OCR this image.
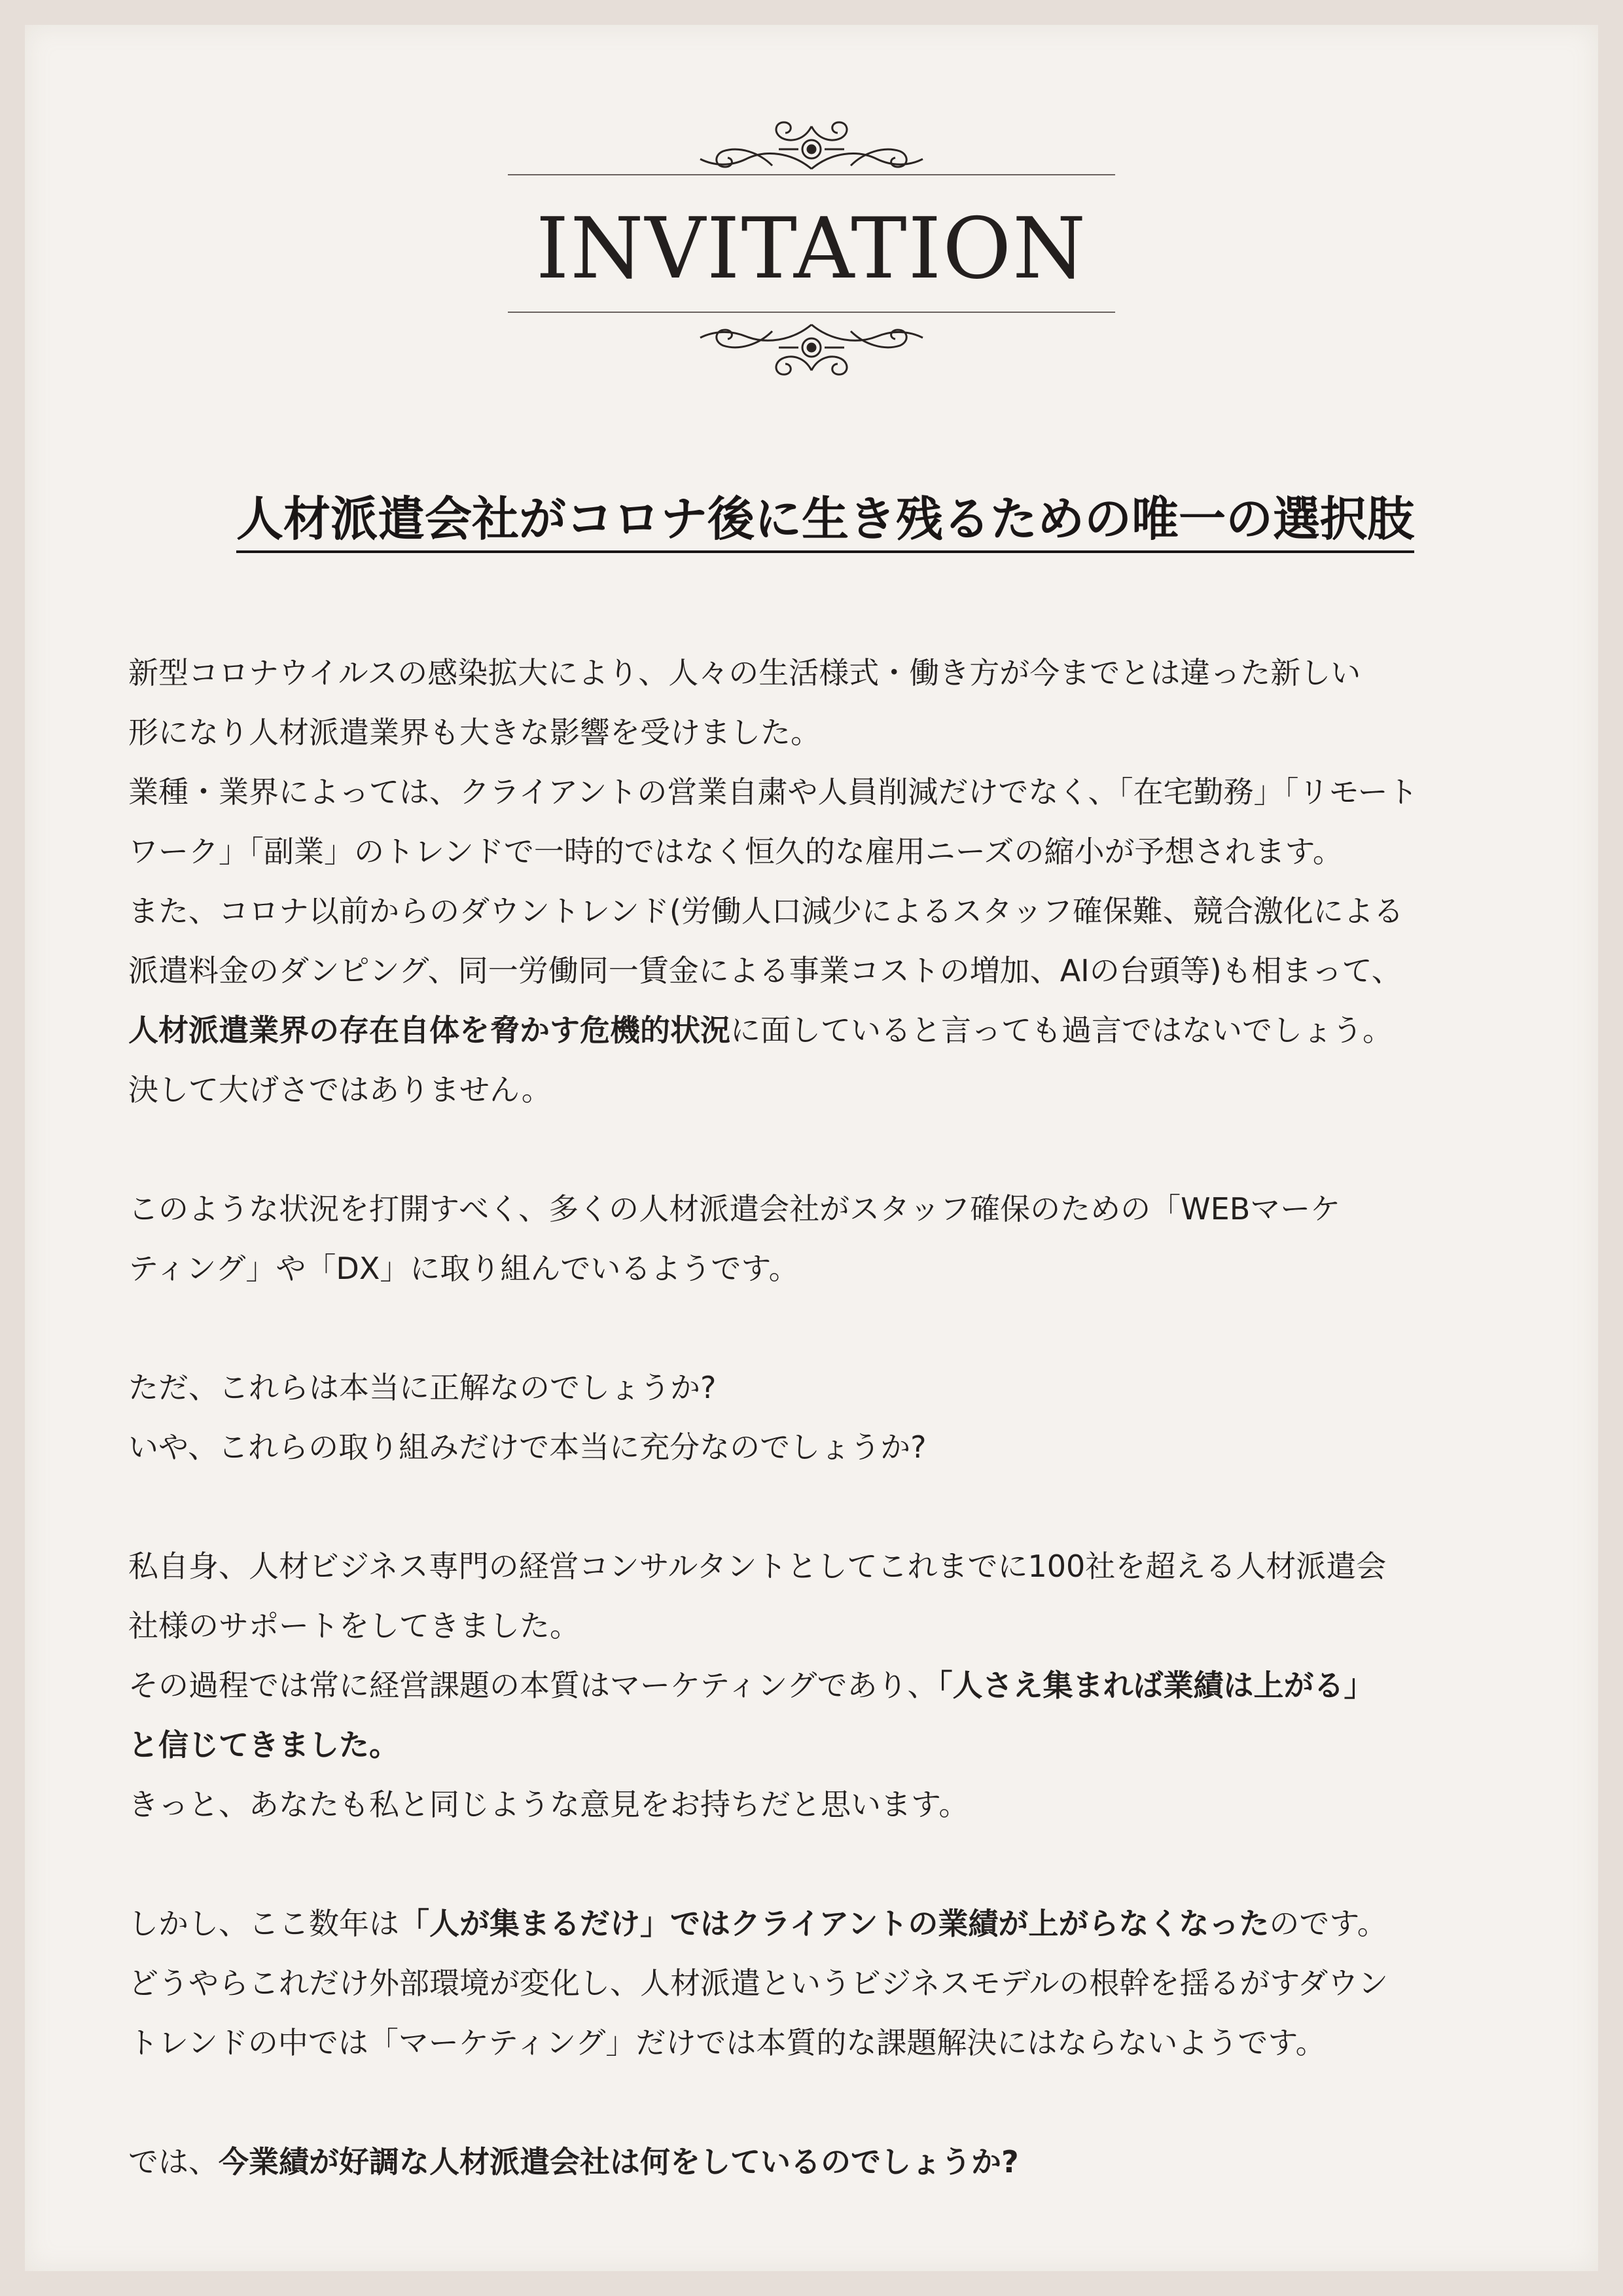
INVITATION
人材派遣会社がコロナ後に生き残るための唯一の選択肢

新型コロナウイルスの感染拡大により、人々の生活様式・働き方が今までとは違った新しい

形になり人材派遣業界も大きな影響を受けました。

業種・業界によっては、クライアントの営業自粛や人員削減だけでなく、「在宅勤務」「リモート

ワーク」「副業」のトレンドで一時的ではなく恒久的な雇用ニーズの縮小が予想されます。

また、コロナ以前からのダウントレンド(労働人口減少によるスタッフ確保難、競合激化による

派遣料金のダンピング、同一労働同一賃金による事業コストの増加、AIの台頭等)も相まって、

人材派遣業界の存在自体を脅かす危機的状況に面していると言っても過言ではないでしょう。

決して大げさではありません。

このような状況を打開すべく、多くの人材派遣会社がスタッフ確保のための「WEBマーケ

ティング」や「DX」に取り組んでいるようです。

ただ、これらは本当に正解なのでしょうか?

いや、これらの取り組みだけで本当に充分なのでしょうか?

私自身、人材ビジネス専門の経営コンサルタントとしてこれまでに100社を超える人材派遣会

社様のサポートをしてきました。

その過程では常に経営課題の本質はマーケティングであり、「人さえ集まれば業績は上がる」

と信じてきました。

きっと、あなたも私と同じような意見をお持ちだと思います。

しかし、ここ数年は「人が集まるだけ」ではクライアントの業績が上がらなくなったのです。

どうやらこれだけ外部環境が変化し、人材派遣というビジネスモデルの根幹を揺るがすダウン

トレンドの中では「マーケティング」だけでは本質的な課題解決にはならないようです。

では、今業績が好調な人材派遣会社は何をしているのでしょうか?
